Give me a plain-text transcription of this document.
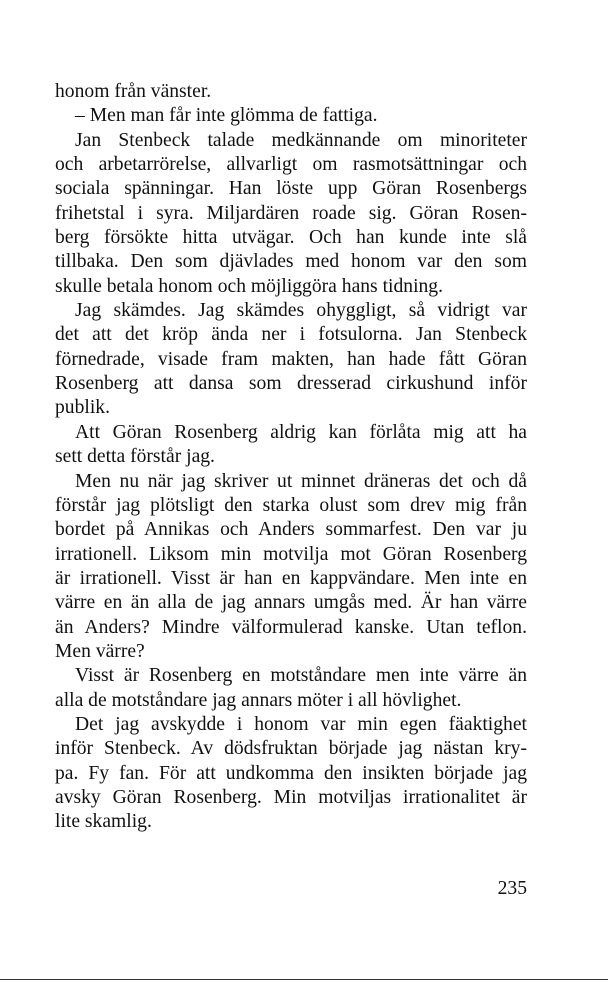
honom från vänster.
– Men man får inte glömma de fattiga.
Jan Stenbeck talade medkännande om minoriteter
och arbetarrörelse, allvarligt om rasmotsättningar och
sociala spänningar. Han löste upp Göran Rosenbergs
frihetstal i syra. Miljardären roade sig. Göran Rosen-
berg försökte hitta utvägar. Och han kunde inte slå
tillbaka. Den som djävlades med honom var den som
skulle betala honom och möjliggöra hans tidning.
Jag skämdes. Jag skämdes ohyggligt, så vidrigt var
det att det kröp ända ner i fotsulorna. Jan Stenbeck
förnedrade, visade fram makten, han hade fått Göran
Rosenberg att dansa som dresserad cirkushund inför
publik.
Att Göran Rosenberg aldrig kan förlåta mig att ha
sett detta förstår jag.
Men nu när jag skriver ut minnet dräneras det och då
förstår jag plötsligt den starka olust som drev mig från
bordet på Annikas och Anders sommarfest. Den var ju
irrationell. Liksom min motvilja mot Göran Rosenberg
är irrationell. Visst är han en kappvändare. Men inte en
värre en än alla de jag annars umgås med. Är han värre
än Anders? Mindre välformulerad kanske. Utan teflon.
Men värre?
Visst är Rosenberg en motståndare men inte värre än
alla de motståndare jag annars möter i all hövlighet.
Det jag avskydde i honom var min egen fäaktighet
inför Stenbeck. Av dödsfruktan började jag nästan kry-
pa. Fy fan. För att undkomma den insikten började jag
avsky Göran Rosenberg. Min motviljas irrationalitet är
lite skamlig.
235
